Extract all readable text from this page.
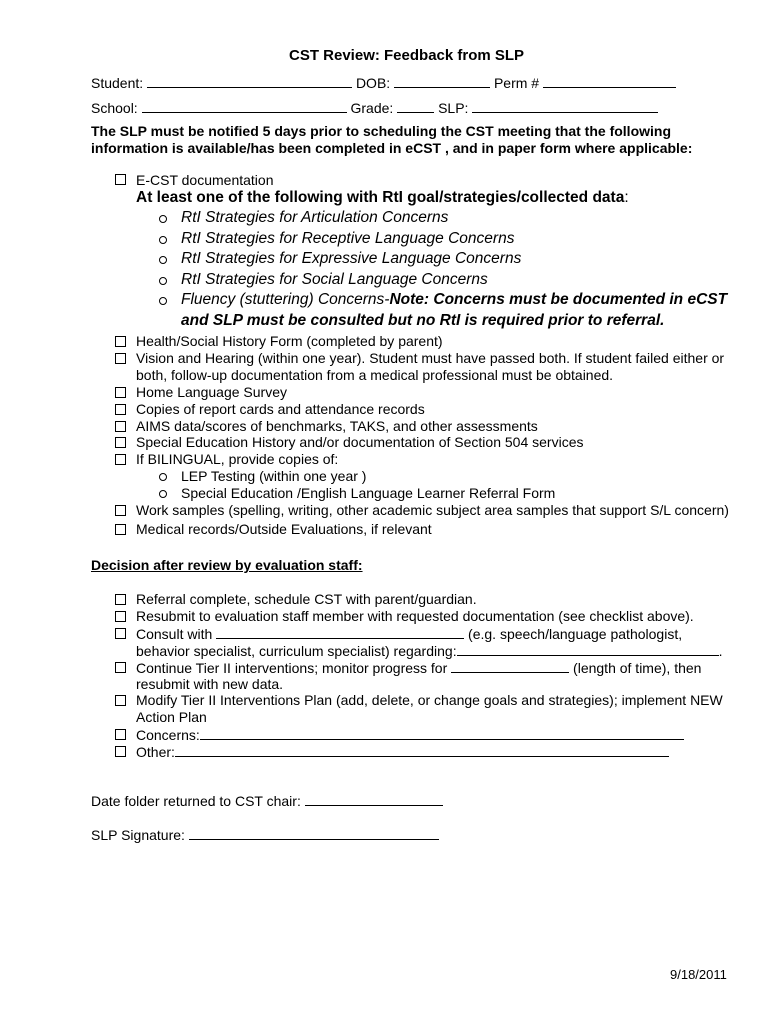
CST Review: Feedback from SLP
Student:	DOB:	Perm #
School:	Grade:	SLP:
The SLP must be notified 5 days prior to scheduling the CST meeting that the following
information is available/has been completed in eCST , and in paper form where applicable:
E-CST documentation
At least one of the following with RtI goal/strategies/collected data:
RtI Strategies for Articulation Concerns
RtI Strategies for Receptive Language Concerns
RtI Strategies for Expressive Language Concerns
RtI Strategies for Social Language Concerns
Fluency (stuttering) Concerns-Note: Concerns must be documented in eCST
and SLP must be consulted but no RtI is required prior to referral.
Health/Social History Form (completed by parent)
Vision and Hearing (within one year). Student must have passed both. If student failed either or
both, follow-up documentation from a medical professional must be obtained.
Home Language Survey
Copies of report cards and attendance records
AIMS data/scores of benchmarks, TAKS, and other assessments
Special Education History and/or documentation of Section 504 services
If BILINGUAL, provide copies of:
LEP Testing (within one year )
Special Education /English Language Learner Referral Form
Work samples (spelling, writing, other academic subject area samples that support S/L concern)
Medical records/Outside Evaluations, if relevant
Decision after review by evaluation staff:
Referral complete, schedule CST with parent/guardian.
Resubmit to evaluation staff member with requested documentation (see checklist above).
Consult with	(e.g. speech/language pathologist,
behavior specialist, curriculum specialist) regarding:	.
Continue Tier II interventions; monitor progress for	(length of time), then
resubmit with new data.
Modify Tier II Interventions Plan (add, delete, or change goals and strategies); implement NEW
Action Plan
Concerns:
Other:
Date folder returned to CST chair:
SLP Signature:
9/18/2011
